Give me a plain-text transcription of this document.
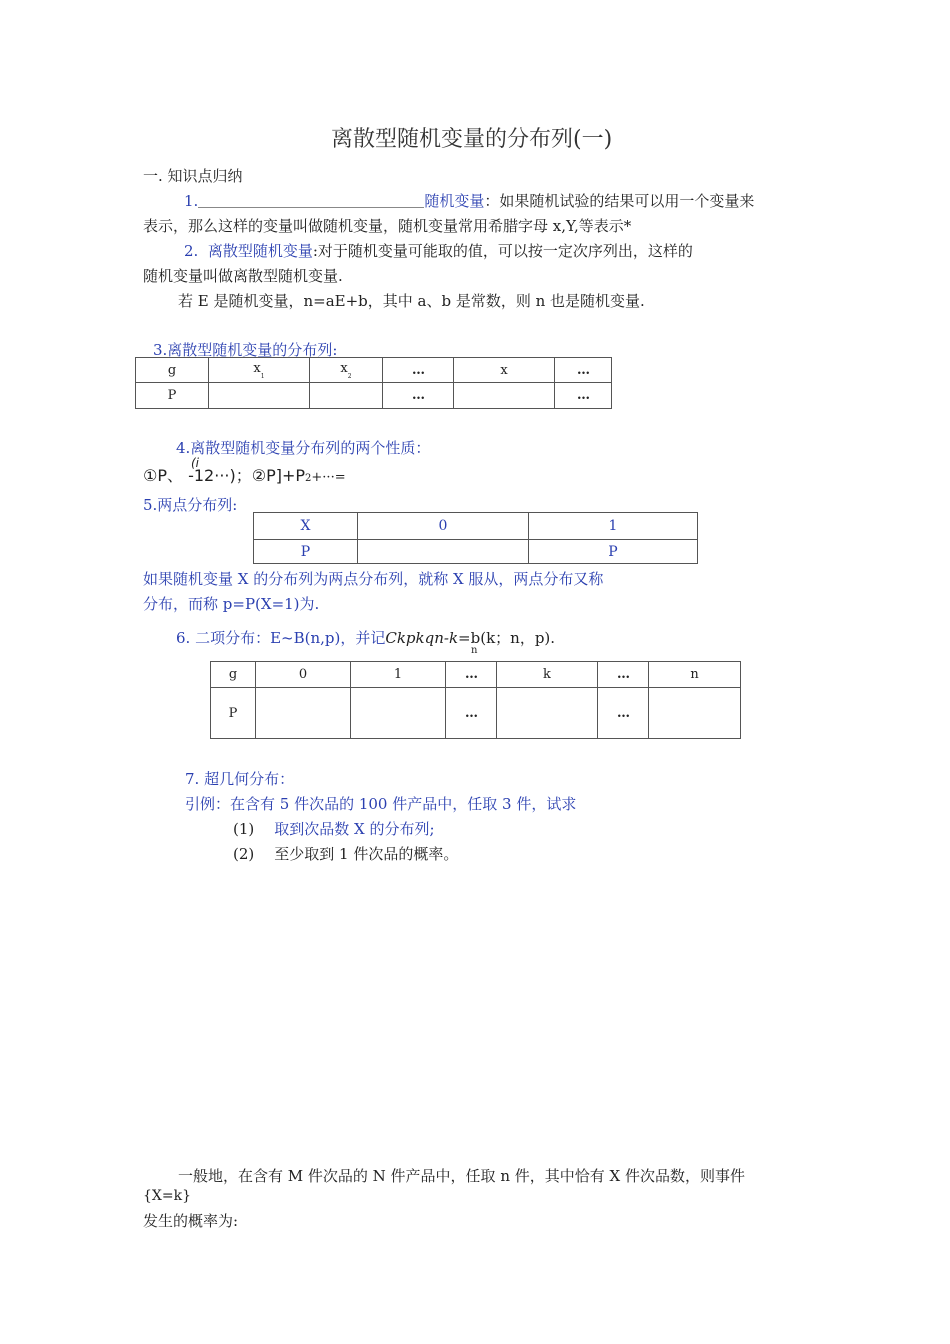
离散型随机变量的分布列(一)
一. 知识点归纳
1.	随机变量：如果随机试验的结果可以用一个变量来
表示，那么这样的变量叫做随机变量，随机变量常用希腊字母 x,Y,等表示*
2. 离散型随机变量:对于随机变量可能取的值，可以按一定次序列出，这样的
随机变量叫做离散型随机变量.
若 E 是随机变量，n=aE+b，其中 a、b 是常数，则 n 也是随机变量.
3.离散型随机变量的分布列:
g	$x_1$	$x_2$	…	x	…
P			…		…
4.离散型随机变量分布列的两个性质：
①P、
(i
-12···)；②P]+P2+···=
5.两点分布列:
X	0	1
P		P
如果随机变量 X 的分布列为两点分布列，就称 X 服从，两点分布又称
分布，而称 p=P(X=1)为.
6. 二项分布：E~B(n,p)，并记Ckpkqn-k=b(k；n，p).
n
g	0	1	…	k	…	n
P			…		…	
7. 超几何分布：
引例：在含有 5 件次品的 100 件产品中，任取 3 件，试求
(1) 取到次品数 X 的分布列;
(2) 至少取到 1 件次品的概率。
一般地，在含有 M 件次品的 N 件产品中，任取 n 件，其中恰有 X 件次品数，则事件
{X=k}
发生的概率为:
